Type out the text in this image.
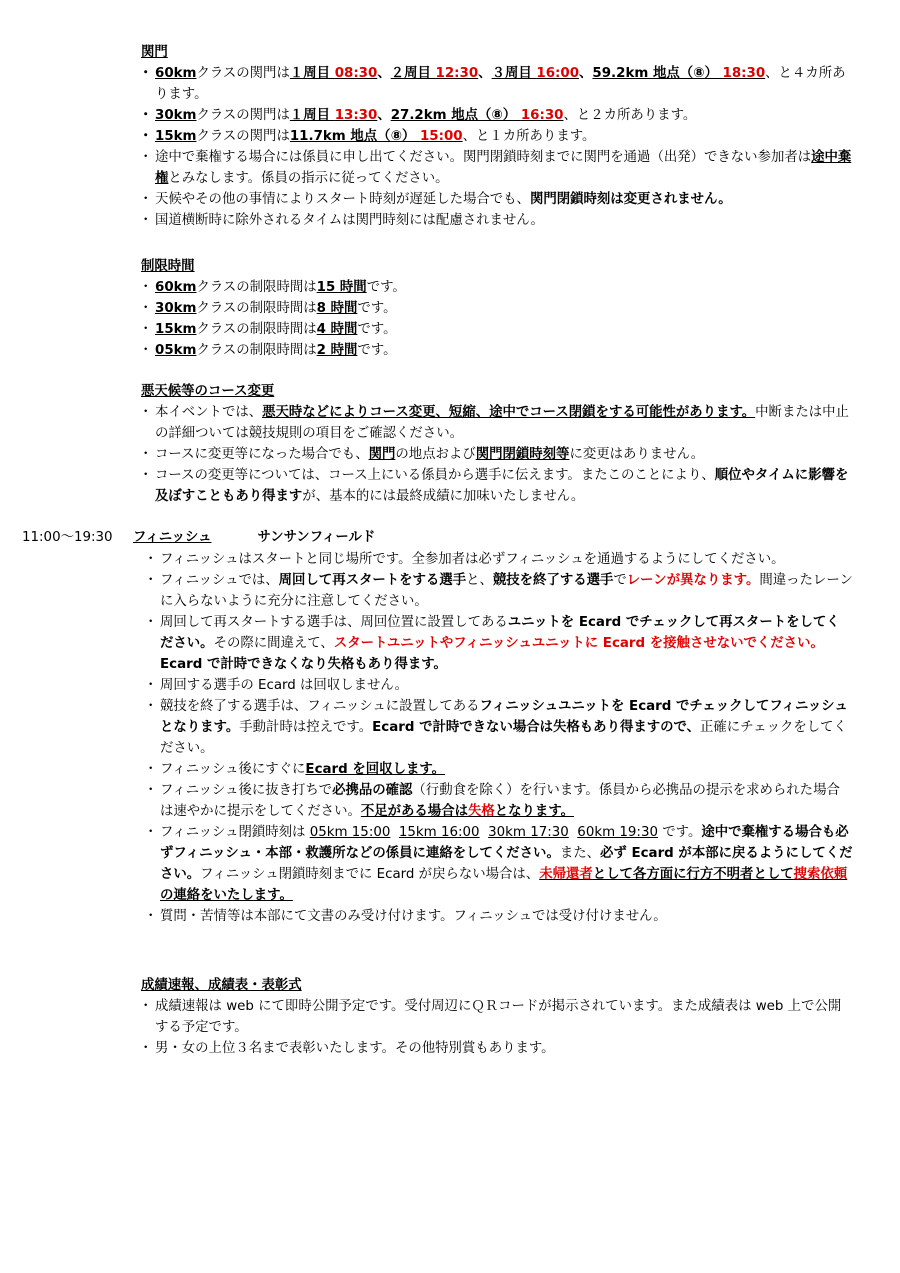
関門
・ 60kmクラスの関門は１周目 08:30、２周目 12:30、３周目 16:00、59.2km 地点（⑧） 18:30、と４カ所あります。
・ 30kmクラスの関門は１周目 13:30、27.2km 地点（⑧） 16:30、と２カ所あります。
・ 15kmクラスの関門は11.7km 地点（⑧） 15:00、と１カ所あります。
・ 途中で棄権する場合には係員に申し出てください。関門閉鎖時刻までに関門を通過（出発）できない参加者は途中棄権とみなします。係員の指示に従ってください。
・ 天候やその他の事情によりスタート時刻が遅延した場合でも、関門閉鎖時刻は変更されません。
・ 国道横断時に除外されるタイムは関門時刻には配慮されません。
制限時間
・ 60kmクラスの制限時間は15 時間です。
・ 30kmクラスの制限時間は8 時間です。
・ 15kmクラスの制限時間は4 時間です。
・ 05kmクラスの制限時間は2 時間です。
悪天候等のコース変更
・ 本イベントでは、悪天時などによりコース変更、短縮、途中でコース閉鎖をする可能性があります。中断または中止の詳細ついては競技規則の項目をご確認ください。
・ コースに変更等になった場合でも、関門の地点および関門閉鎖時刻等に変更はありません。
・ コースの変更等については、コース上にいる係員から選手に伝えます。またこのことにより、順位やタイムに影響を及ぼすこともあり得ますが、基本的には最終成績に加味いたしません。
11:00～19:30 フィニッシュ	サンサンフィールド
・ フィニッシュはスタートと同じ場所です。全参加者は必ずフィニッシュを通過するようにしてください。
・ フィニッシュでは、周回して再スタートをする選手と、競技を終了する選手でレーンが異なります。間違ったレーンに入らないように充分に注意してください。
・ 周回して再スタートする選手は、周回位置に設置してあるユニットを Ecard でチェックして再スタートをしてください。その際に間違えて、スタートユニットやフィニッシュユニットに Ecard を接触させないでください。Ecard で計時できなくなり失格もあり得ます。
・ 周回する選手の Ecard は回収しません。
・ 競技を終了する選手は、フィニッシュに設置してあるフィニッシュユニットを Ecard でチェックしてフィニッシュとなります。手動計時は控えです。Ecard で計時できない場合は失格もあり得ますので、正確にチェックをしてください。
・ フィニッシュ後にすぐにEcard を回収します。
・ フィニッシュ後に抜き打ちで必携品の確認（行動食を除く）を行います。係員から必携品の提示を求められた場合は速やかに提示をしてください。不足がある場合は失格となります。
・ フィニッシュ閉鎖時刻は 05km 15:00 15km 16:00 30km 17:30 60km 19:30 です。途中で棄権する場合も必ずフィニッシュ・本部・救護所などの係員に連絡をしてください。また、必ず Ecard が本部に戻るようにしてください。フィニッシュ閉鎖時刻までに Ecard が戻らない場合は、未帰還者として各方面に行方不明者として捜索依頼の連絡をいたします。
・ 質問・苦情等は本部にて文書のみ受け付けます。フィニッシュでは受け付けません。
成績速報、成績表・表彰式
・ 成績速報は web にて即時公開予定です。受付周辺にＱＲコードが掲示されています。また成績表は web 上で公開する予定です。
・ 男・女の上位３名まで表彰いたします。その他特別賞もあります。
